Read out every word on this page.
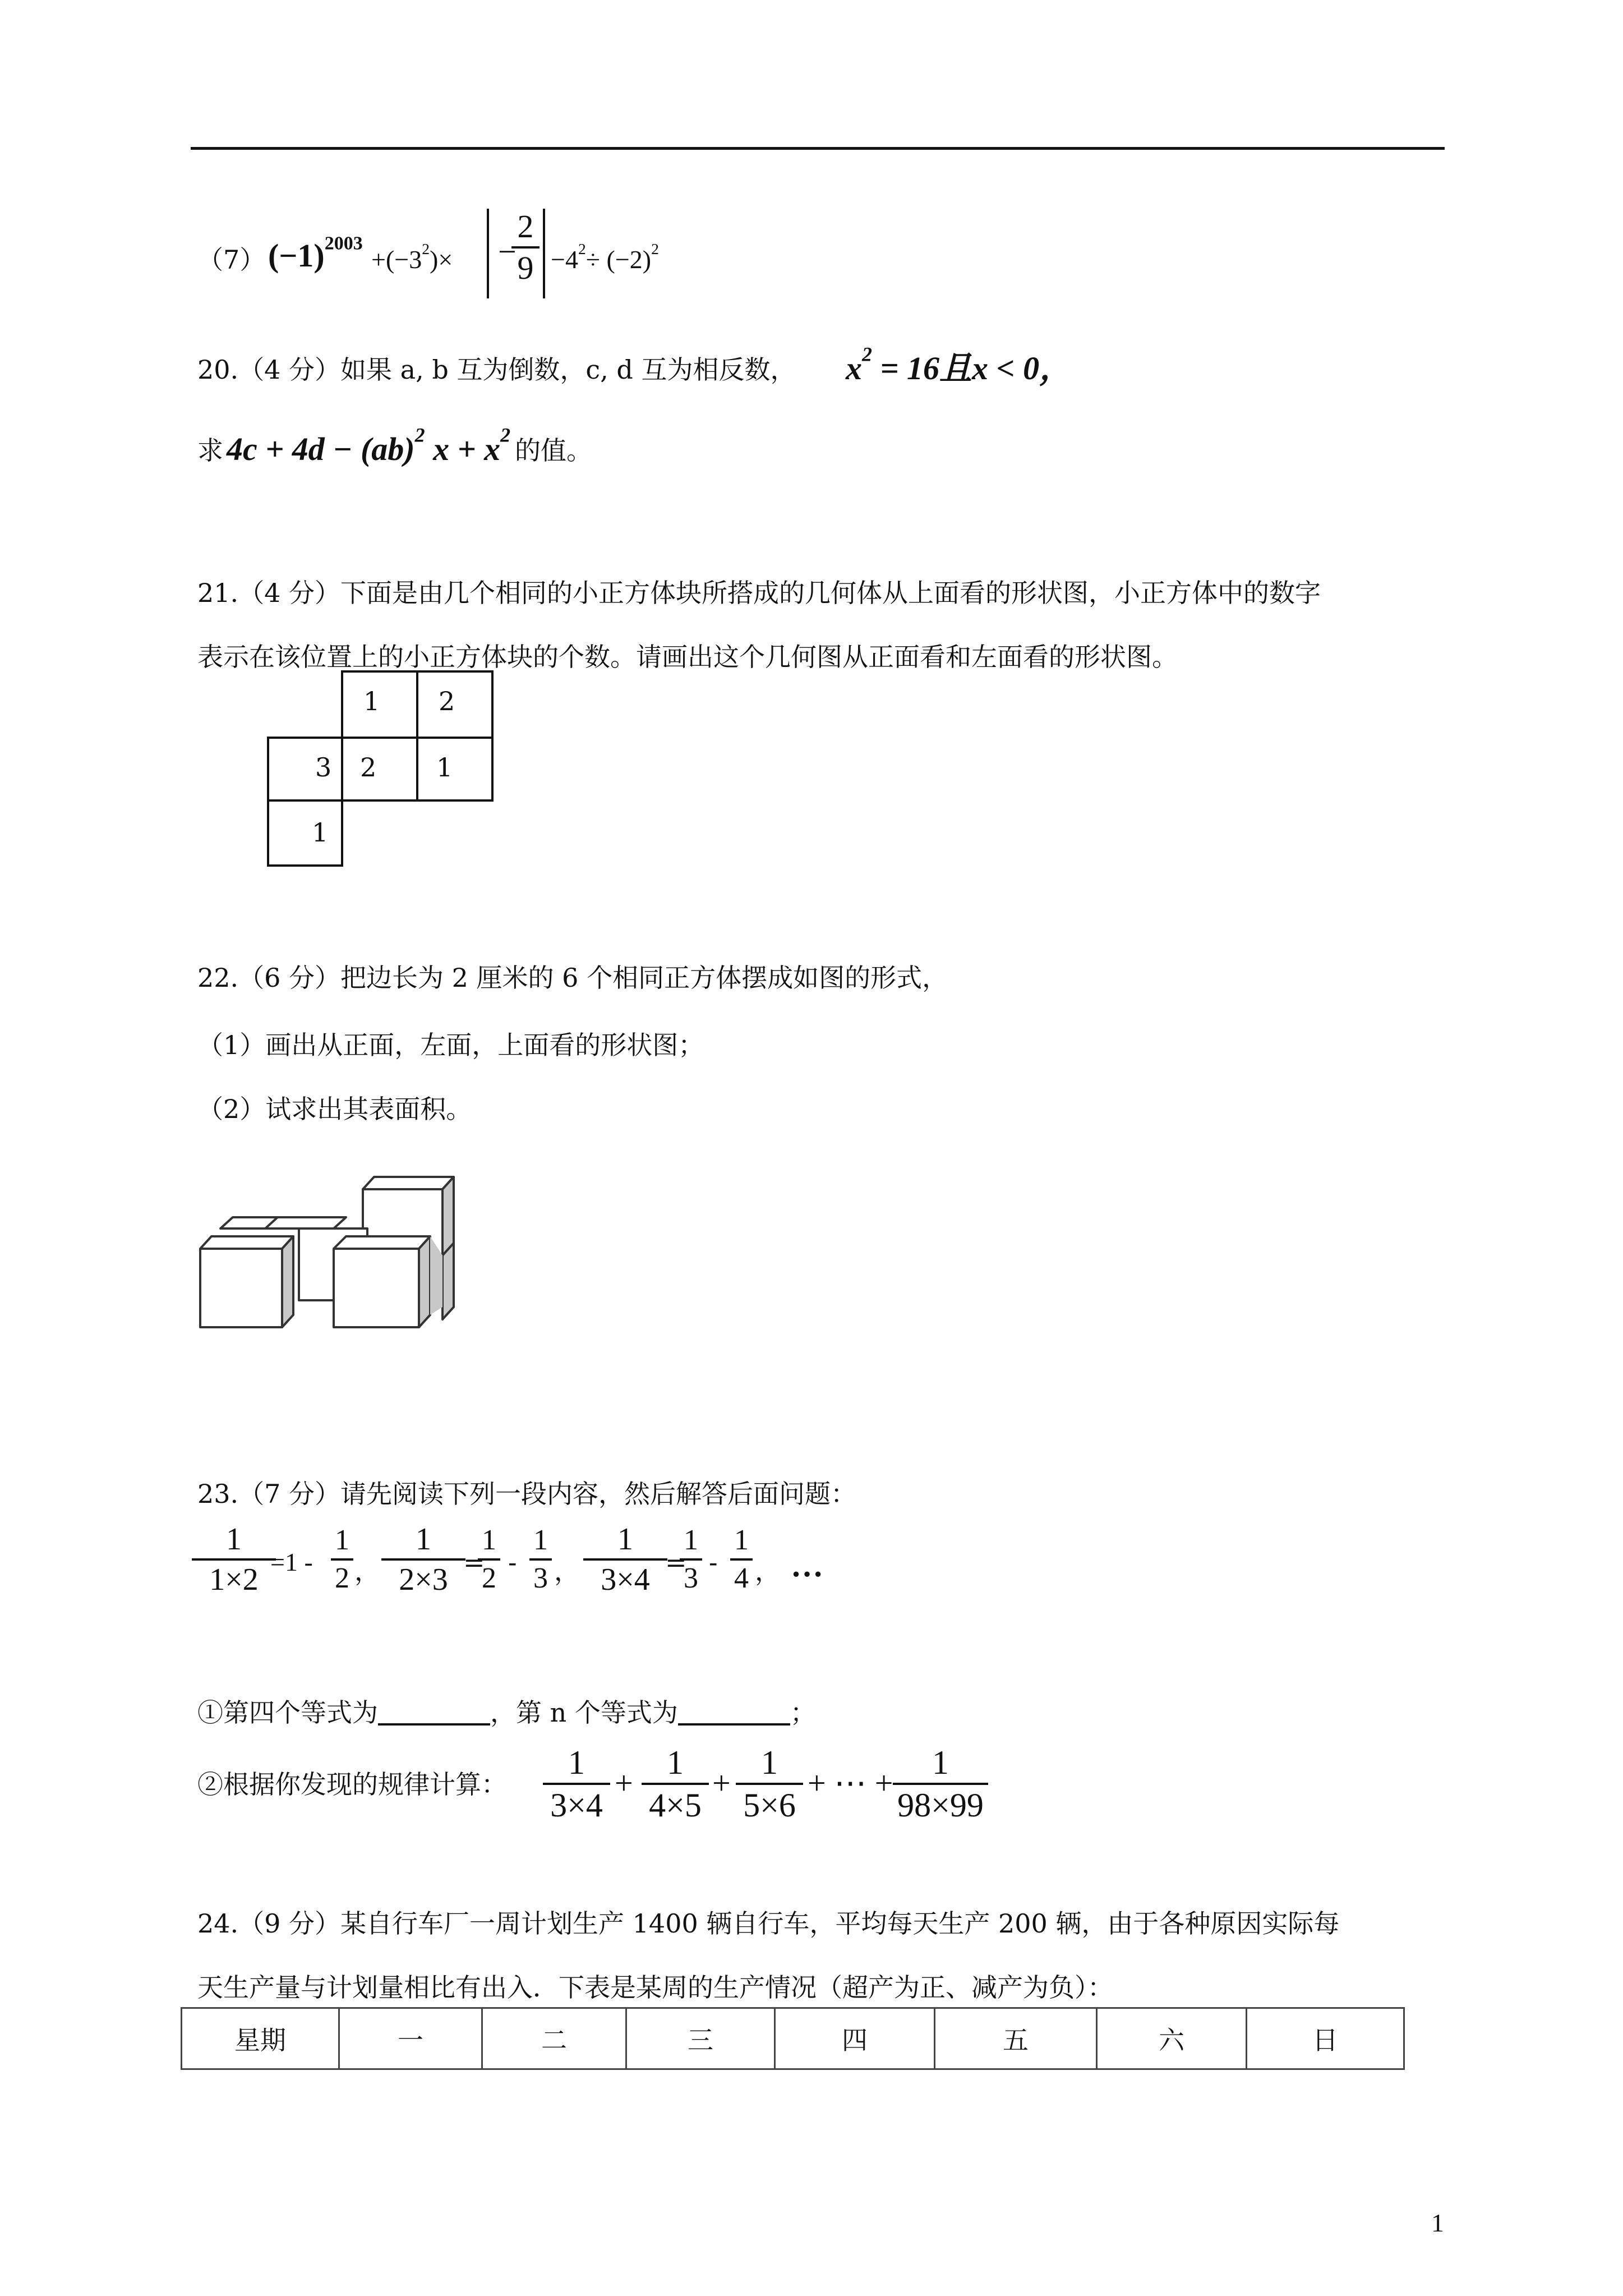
（7） $(-1)^{2003}$
$+(-3^2)\times$ −
2
$9 -4^2\div (-2)^2$
20.（4 分）如果 a, b 互为倒数，c, d 互为相反数， $x^2 = 16$且x < 0，
求 4c + 4d − (ab)$^2$ $x + x^2$
的值。
21.（4 分）下面是由几个相同的小正方体块所搭成的几何体从上面看的形状图，小正方体中的数字
表示在该位置上的小正方体块的个数。请画出这个几何图从正面看和左面看的形状图。
1 2
3 2 1
1
22.（6 分）把边长为 2 厘米的 6 个相同正方体摆成如图的形式，
（1）画出从正面，左面，上面看的形状图；
（2）试求出其表面积。
23.（7 分）请先阅读下列一段内容，然后解答后面问题：
1
1×2
=1 -
1
2 ，
1
2×3 =
1
2 -
1
3 ，
1
3×4 =
1
3 -
1
4 ， …
①第四个等式为	，第 n 个等式为	；
②根据你发现的规律计算：
1
3×4
+
1
4×5
+
1
5×6
+ ⋯ +
1
98×99
24.（9 分）某自行车厂一周计划生产 1400 辆自行车，平均每天生产 200 辆，由于各种原因实际每
天生产量与计划量相比有出入．下表是某周的生产情况（超产为正、减产为负）：
星期	一	二	三	四	五	六	日
1
